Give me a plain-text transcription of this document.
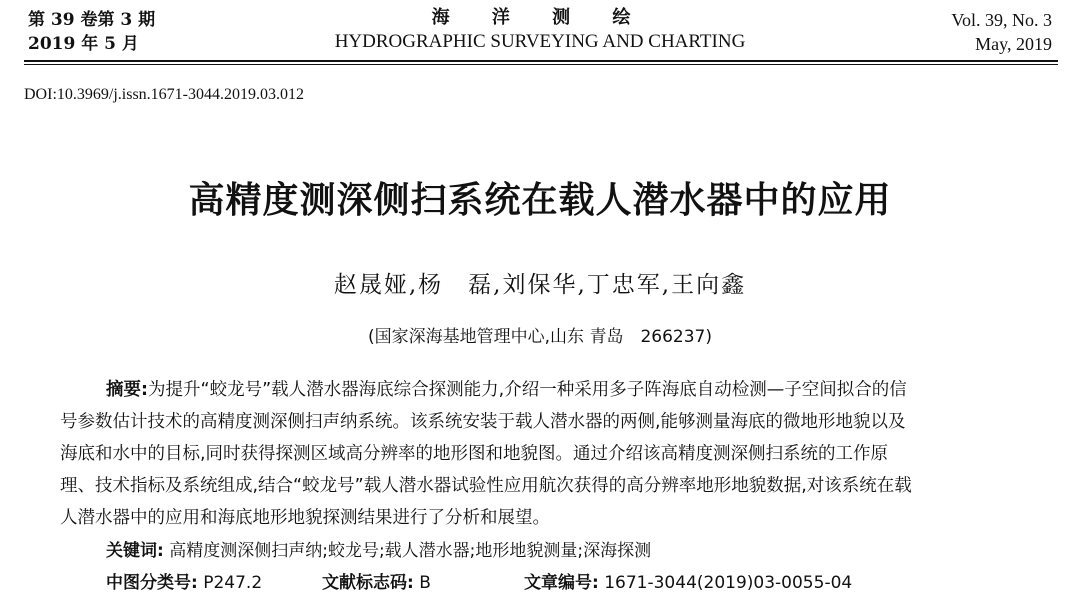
第 39 卷第 3 期
2019 年 5 月
海 洋 测 绘
HYDROGRAPHIC SURVEYING AND CHARTING
Vol. 39, No. 3
May, 2019
DOI:10.3969/j.issn.1671-3044.2019.03.012
高精度测深侧扫系统在载人潜水器中的应用
赵晟娅,杨　磊,刘保华,丁忠军,王向鑫
(国家深海基地管理中心,山东 青岛　266237)
摘要:为提升“蛟龙号”载人潜水器海底综合探测能力,介绍一种采用多子阵海底自动检测—子空间拟合的信
号参数估计技术的高精度测深侧扫声纳系统。该系统安装于载人潜水器的两侧,能够测量海底的微地形地貌以及
海底和水中的目标,同时获得探测区域高分辨率的地形图和地貌图。通过介绍该高精度测深侧扫系统的工作原
理、技术指标及系统组成,结合“蛟龙号”载人潜水器试验性应用航次获得的高分辨率地形地貌数据,对该系统在载
人潜水器中的应用和海底地形地貌探测结果进行了分析和展望。
关键词: 高精度测深侧扫声纳;蛟龙号;载人潜水器;地形地貌测量;深海探测
中图分类号: P247.2	文献标志码: B	文章编号: 1671-3044(2019)03-0055-04
